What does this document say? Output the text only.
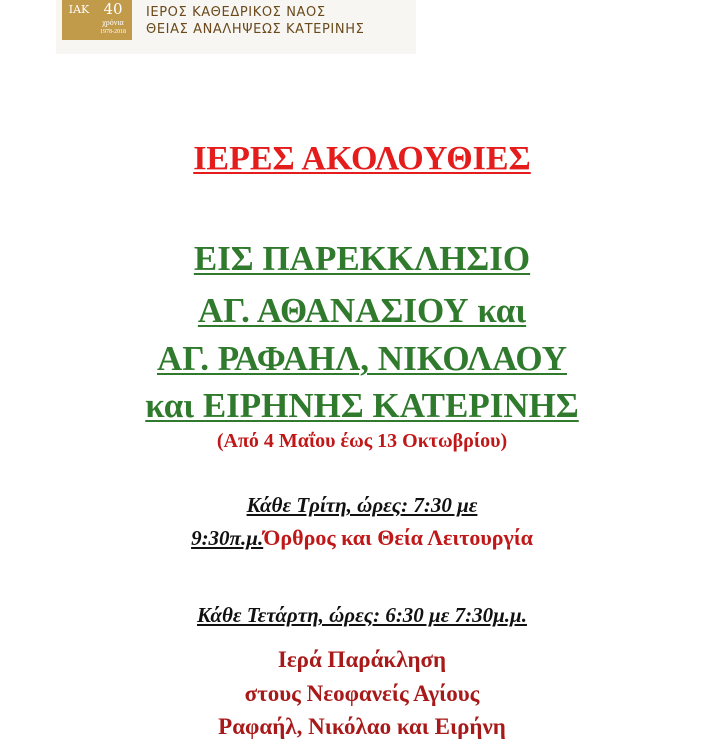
ΙΑΚ 40
χρόνια
1978-2018
ΙΕΡΟΣ ΚΑΘΕΔΡΙΚΟΣ ΝΑΟΣ
ΘΕΙΑΣ ΑΝΑΛΗΨΕΩΣ ΚΑΤΕΡΙΝΗΣ
ΙΕΡΕΣ ΑΚΟΛΟΥΘΙΕΣ
ΕΙΣ ΠΑΡΕΚΚΛΗΣΙΟ
ΑΓ. ΑΘΑΝΑΣΙΟΥ και
ΑΓ. ΡΑΦΑΗΛ, ΝΙΚΟΛΑΟΥ
και ΕΙΡΗΝΗΣ ΚΑΤΕΡΙΝΗΣ
(Από 4 Μαΐου έως 13 Οκτωβρίου)
Κάθε Τρίτη, ώρες: 7:30 με
9:30π.μ.Όρθρος και Θεία Λειτουργία
Κάθε Τετάρτη, ώρες: 6:30 με 7:30μ.μ.
Ιερά Παράκληση
στους Νεοφανείς Αγίους
Ραφαήλ, Νικόλαο και Ειρήνη
